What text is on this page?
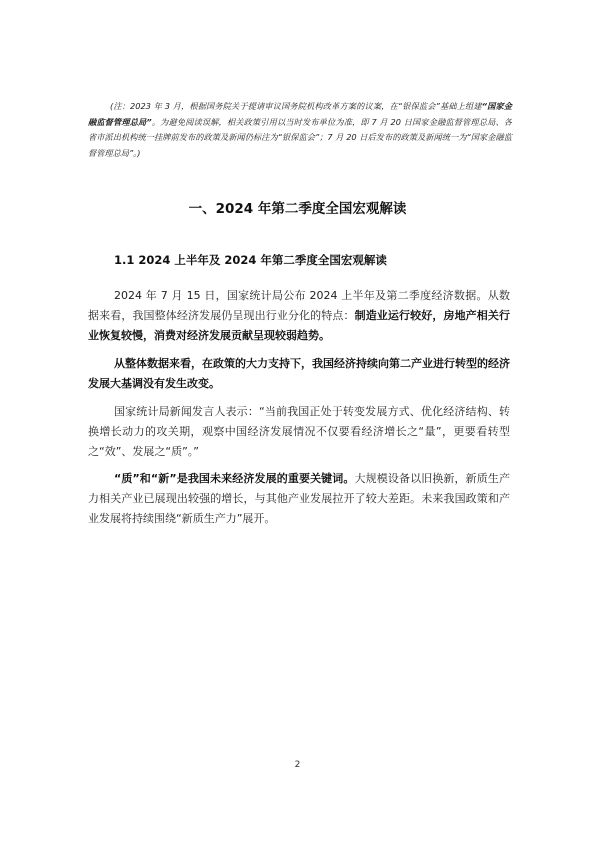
(注：2023 年 3 月，根据国务院关于提请审议国务院机构改革方案的议案，在“银保监会”基础上组建“国家金融监督管理总局”。为避免阅读误解，相关政策引用以当时发布单位为准，即 7 月 20 日国家金融监督管理总局、各省市派出机构统一挂牌前发布的政策及新闻仍标注为“银保监会”；7 月 20 日后发布的政策及新闻统一为“国家金融监督管理总局”。)
一、2024 年第二季度全国宏观解读
1.1 2024 上半年及 2024 年第二季度全国宏观解读
2024 年 7 月 15 日，国家统计局公布 2024 上半年及第二季度经济数据。从数据来看，我国整体经济发展仍呈现出行业分化的特点：制造业运行较好，房地产相关行业恢复较慢，消费对经济发展贡献呈现较弱趋势。
从整体数据来看，在政策的大力支持下，我国经济持续向第二产业进行转型的经济发展大基调没有发生改变。
国家统计局新闻发言人表示：“当前我国正处于转变发展方式、优化经济结构、转换增长动力的攻关期，观察中国经济发展情况不仅要看经济增长之“量”，更要看转型之“效”、发展之“质”。”
“质”和“新”是我国未来经济发展的重要关键词。大规模设备以旧换新，新质生产力相关产业已展现出较强的增长，与其他产业发展拉开了较大差距。未来我国政策和产业发展将持续围绕“新质生产力”展开。
2
